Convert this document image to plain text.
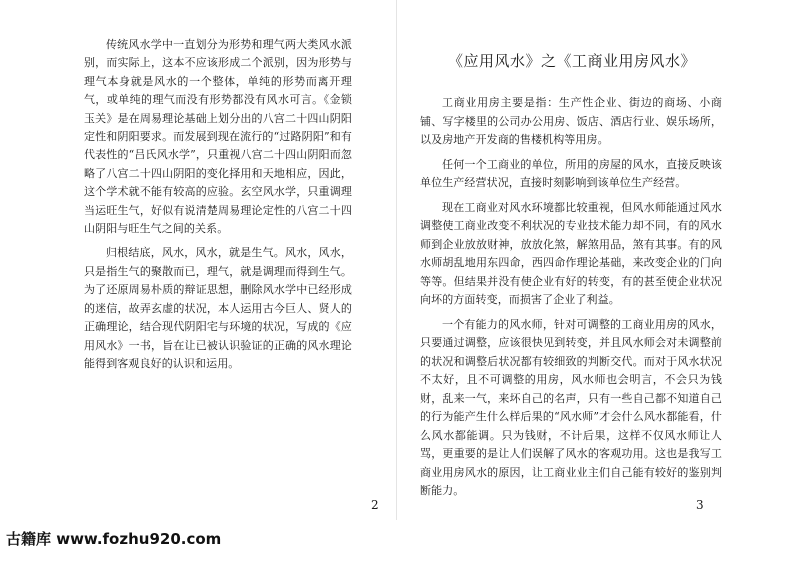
传统风水学中一直划分为形势和理气两大类风水派别，而实际上，这本不应该形成二个派别，因为形势与理气本身就是风水的一个整体，单纯的形势而离开理气，或单纯的理气而没有形势都没有风水可言。《金锁玉关》是在周易理论基础上划分出的八宫二十四山阴阳定性和阴阳要求。而发展到现在流行的“过路阴阳”和有代表性的“吕氏风水学”，只重视八宫二十四山阴阳而忽略了八宫二十四山阴阳的变化择用和天地相应，因此，这个学术就不能有较高的应验。玄空风水学，只重调理当运旺生气，好似有说清楚周易理论定性的八宫二十四山阴阳与旺生气之间的关系。

归根结底，风水，风水，就是生气。风水，风水，只是指生气的聚散而已，理气，就是调理而得到生气。为了还原周易朴质的辩证思想，删除风水学中已经形成的迷信，故弄玄虚的状况，本人运用古今巨人、贤人的正确理论，结合现代阴阳宅与环境的状况，写成的《应用风水》一书，旨在让已被认识验证的正确的风水理论能得到客观良好的认识和运用。

2
《应用风水》之《工商业用房风水》

工商业用房主要是指：生产性企业、街边的商场、小商铺、写字楼里的公司办公用房、饭店、酒店行业、娱乐场所，以及房地产开发商的售楼机构等用房。

任何一个工商业的单位，所用的房屋的风水，直接反映该单位生产经营状况，直接时刻影响到该单位生产经营。

现在工商业对风水环境都比较重视，但风水师能通过风水调整使工商业改变不利状况的专业技术能力却不同，有的风水师到企业放放财神，放放化煞，解煞用品，煞有其事。有的风水师胡乱地用东四命，西四命作理论基础，来改变企业的门向等等。但结果并没有使企业有好的转变，有的甚至使企业状况向坏的方面转变，而损害了企业了利益。

一个有能力的风水师，针对可调整的工商业用房的风水，只要通过调整，应该很快见到转变，并且风水师会对未调整前的状况和调整后状况都有较细致的判断交代。而对于风水状况不太好，且不可调整的用房，风水师也会明言，不会只为钱财，乱来一气，来坏自己的名声，只有一些自己都不知道自己的行为能产生什么样后果的“风水师”才会什么风水都能看，什么风水都能调。只为钱财，不计后果，这样不仅风水师让人骂，更重要的是让人们误解了风水的客观功用。这也是我写工商业用房风水的原因，让工商业业主们自己能有较好的鉴别判断能力。

3
古籍库 www.fozhu920.com
